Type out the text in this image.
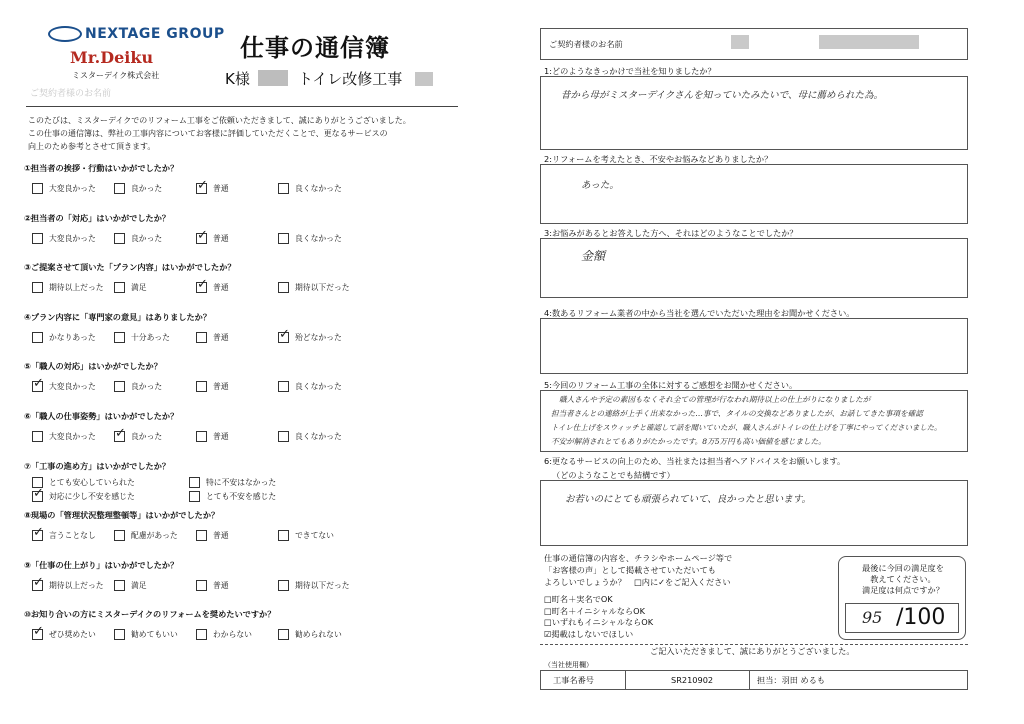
NEXTAGE GROUP
Mr.Deiku
ミスターデイク株式会社
仕事の通信簿
ご契約者様のお名前
K様	トイレ改修工事
このたびは、ミスターデイクでのリフォーム工事をご依頼いただきまして、誠にありがとうございました。
この仕事の通信簿は、弊社の工事内容についてお客様に評価していただくことで、更なるサービスの
向上のため参考とさせて頂きます。
①担当者の挨拶・行動はいかがでしたか？
大変良かった	良かった ✓	普通	良くなかった
②担当者の「対応」はいかがでしたか？
大変良かった	良かった ✓	普通	良くなかった
③ご提案させて頂いた「プラン内容」はいかがでしたか？
期待以上だった	満足 ✓	普通	期待以下だった
④プラン内容に「専門家の意見」はありましたか？
かなりあった	十分あった	普通 ✓	殆どなかった
⑤「職人の対応」はいかがでしたか？
✓
大変良かった	良かった	普通	良くなかった
⑥「職人の仕事姿勢」はいかがでしたか？
大変良かった ✓	良かった	普通	良くなかった
⑦「工事の進め方」はいかがでしたか？
とても安心していられた	特に不安はなかった
✓
対応に少し不安を感じた	とても不安を感じた
⑧現場の「管理状況整理整頓等」はいかがでしたか？
✓
言うことなし	配慮があった	普通	できてない
⑨「仕事の仕上がり」はいかがでしたか？
✓
期待以上だった	満足	普通	期待以下だった
⑩お知り合いの方にミスターデイクのリフォームを奨めたいですか？
✓
ぜひ奨めたい	勧めてもいい	わからない	勧められない
ご契約者様のお名前
1:どのようなきっかけで当社を知りましたか？
昔から母がミスターデイクさんを知っていたみたいで、母に薦められた為。
2:リフォームを考えたとき、不安やお悩みなどありましたか？
あった。
3:お悩みがあるとお答えした方へ、それはどのようなことでしたか？
金額
4:数あるリフォーム業者の中から当社を選んでいただいた理由をお聞かせください。
5:今回のリフォーム工事の全体に対するご感想をお聞かせください。
職人さんや予定の素因もなくそれ全ての管理が行なわれ期待以上の仕上がりになりましたが
担当者さんとの連絡が上手く出来なかった…事で、タイルの交換などありましたが、お話してきた事項を確認
トイレ仕上げをスウィッチと確認して話を聞いていたが、職人さんがトイレの仕上げを丁寧にやってくださいました。
不安が解消されとてもありがたかったです。8万5万円も高い価値を感じました。
6:更なるサービスの向上のため、当社または担当者へアドバイスをお願いします。
（どのようなことでも結構です）
お若いのにとても頑張られていて、良かったと思います。
仕事の通信簿の内容を、チラシやホームページ等で
「お客様の声」として掲載させていただいても
よろしいでしょうか？　□内に✓をご記入ください
□町名＋実名でOK
□町名＋イニシャルならOK
□いずれもイニシャルならOK
☑掲載はしないでほしい
最後に今回の満足度を
教えてください。
満足度は何点ですか？
95 /100
ご記入いただきまして、誠にありがとうございました。
（当社使用欄）
工事名番号	SR210902	担当：羽田 めるも
